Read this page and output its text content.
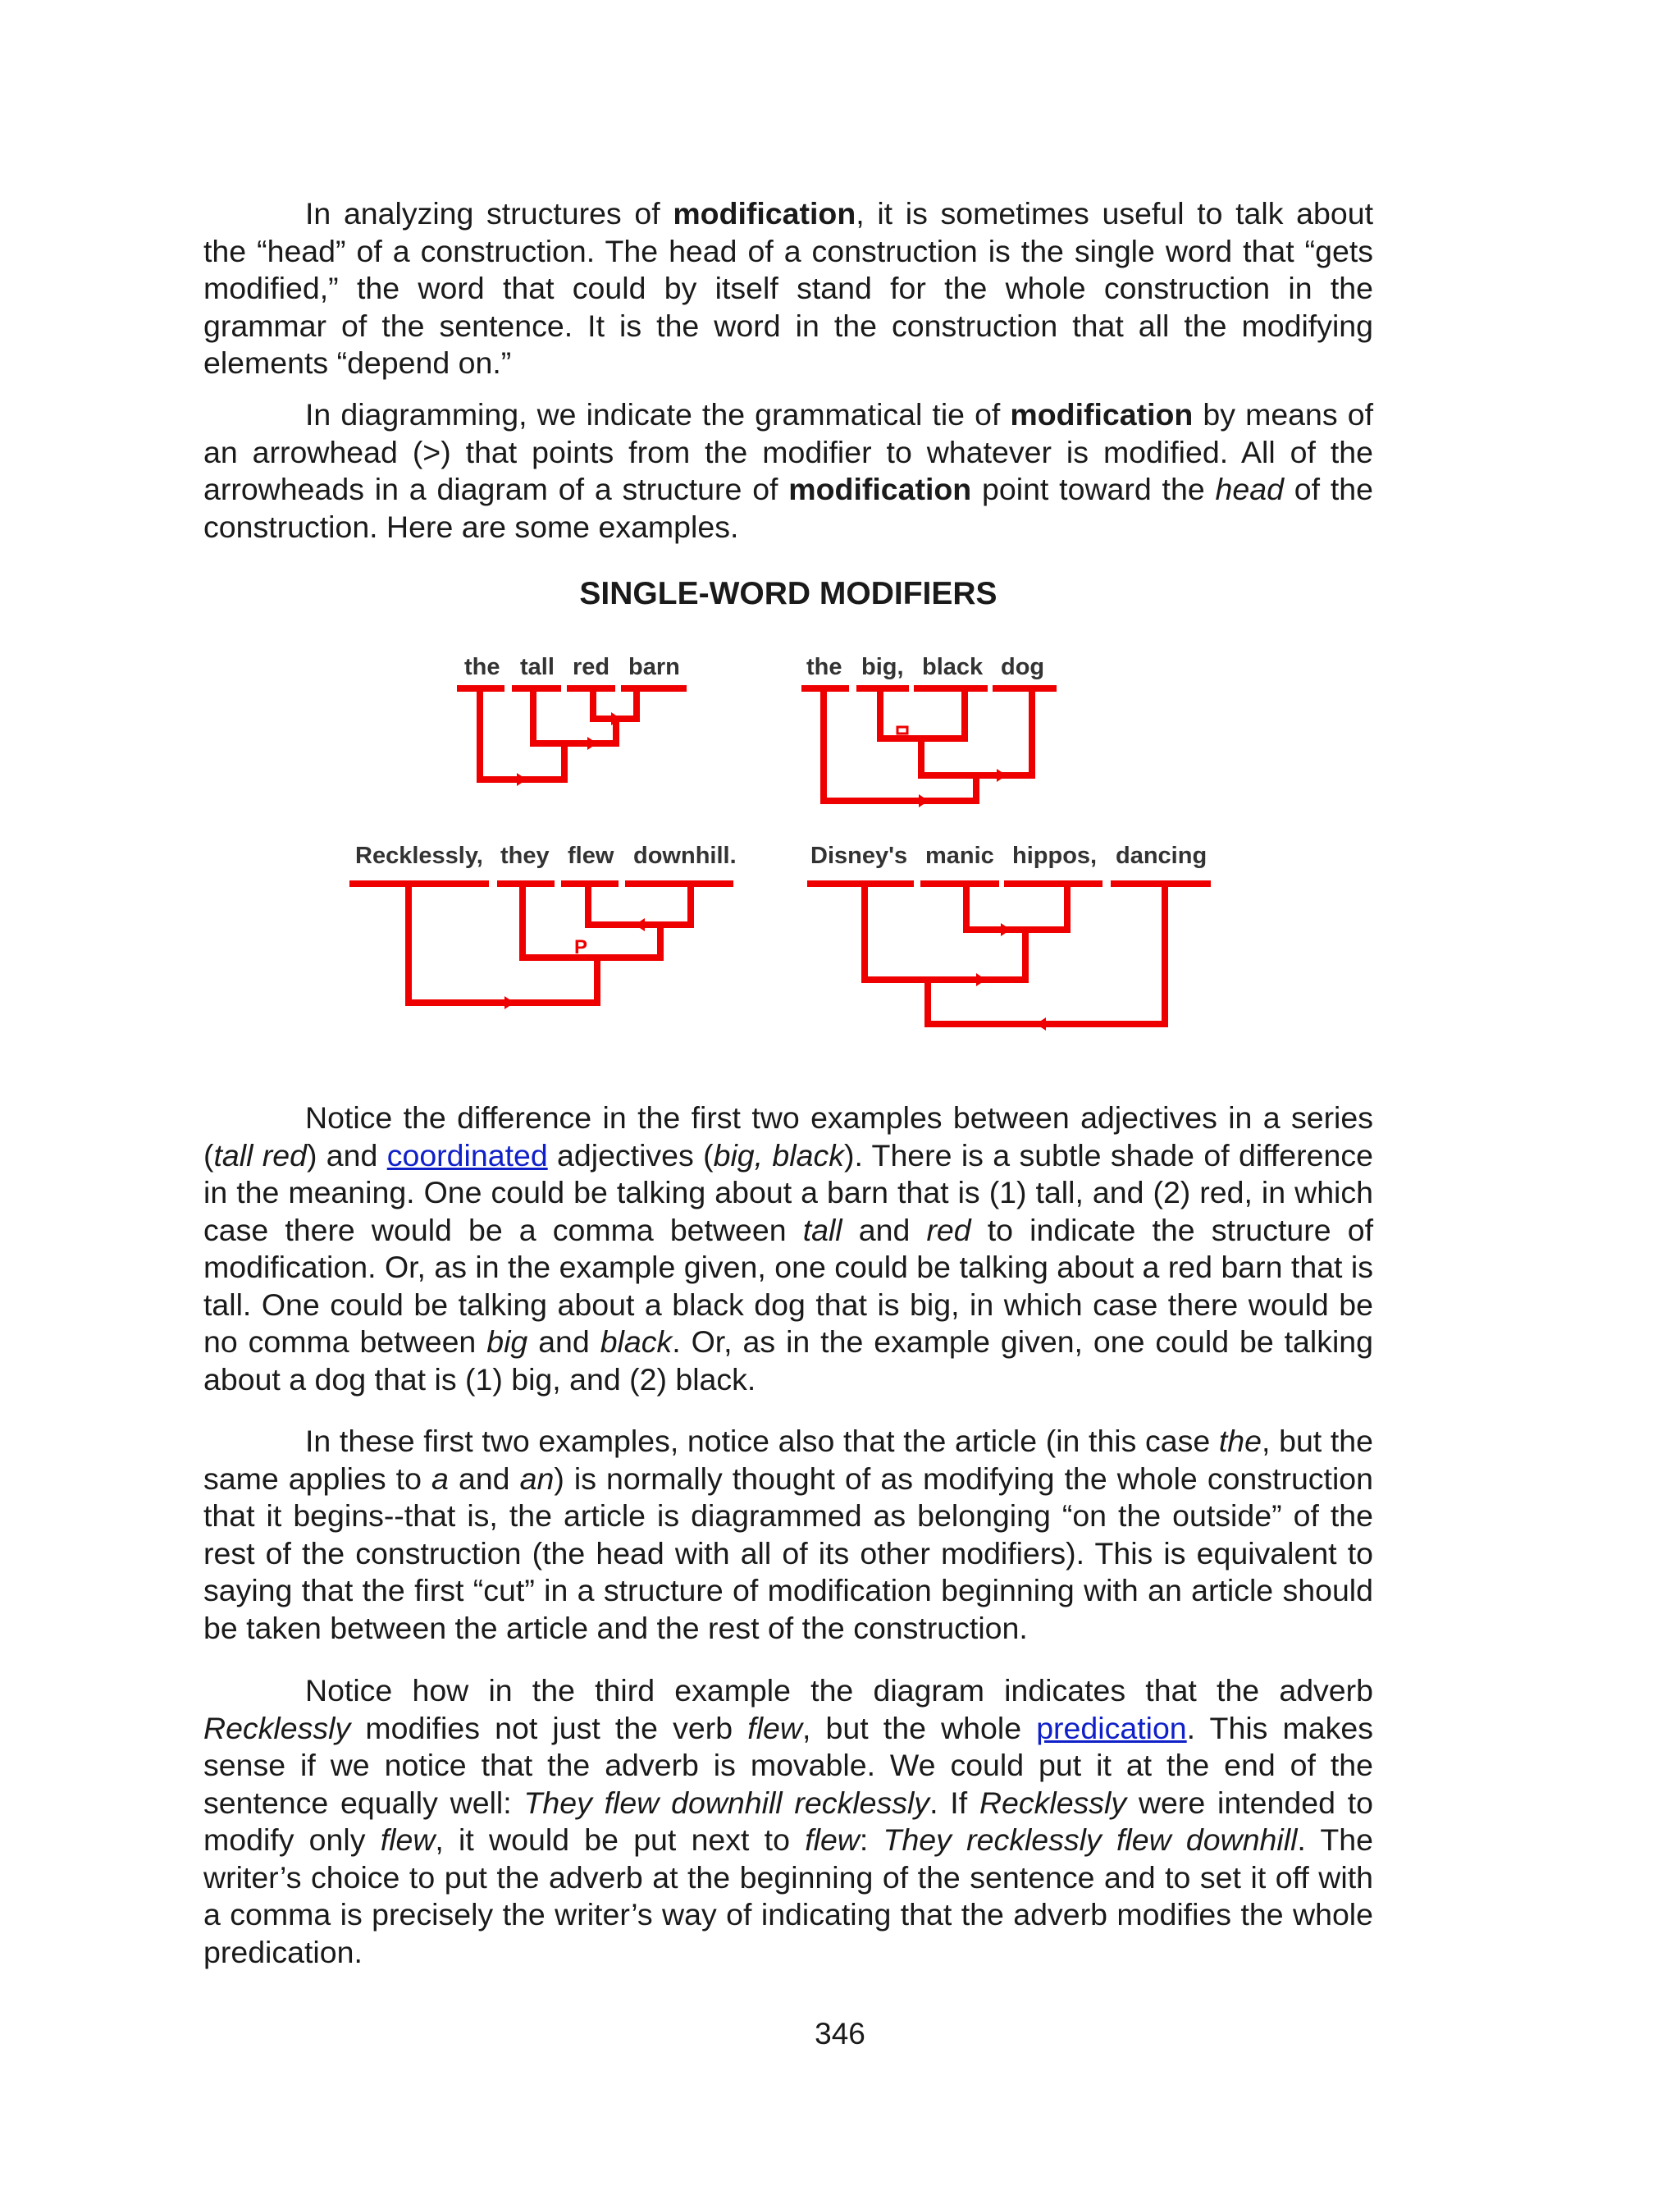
In analyzing structures of modification, it is sometimes useful to talk about the “head” of a construction. The head of a construction is the single word that “gets modified,” the word that could by itself stand for the whole construction in the grammar of the sentence. It is the word in the construction that all the modifying elements “depend on.”

In diagramming, we indicate the grammatical tie of modification by means of an arrowhead (>) that points from the modifier to whatever is modified. All of the arrowheads in a diagram of a structure of modification point toward the head of the construction. Here are some examples.

SINGLE-WORD MODIFIERS

Notice the difference in the first two examples between adjectives in a series (tall red) and coordinated adjectives (big, black). There is a subtle shade of difference in the meaning. One could be talking about a barn that is (1) tall, and (2) red, in which case there would be a comma between tall and red to indicate the structure of modification. Or, as in the example given, one could be talking about a red barn that is tall. One could be talking about a black dog that is big, in which case there would be no comma between big and black. Or, as in the example given, one could be talking about a dog that is (1) big, and (2) black.

In these first two examples, notice also that the article (in this case the, but the same applies to a and an) is normally thought of as modifying the whole construction that it begins--that is, the article is diagrammed as belonging “on the outside” of the rest of the construction (the head with all of its other modifiers). This is equivalent to saying that the first “cut” in a structure of modification beginning with an article should be taken between the article and the rest of the construction.

Notice how in the third example the diagram indicates that the adverb Recklessly modifies not just the verb flew, but the whole predication. This makes sense if we notice that the adverb is movable. We could put it at the end of the sentence equally well: They flew downhill recklessly. If Recklessly were intended to modify only flew, it would be put next to flew: They recklessly flew downhill. The writer’s choice to put the adverb at the beginning of the sentence and to set it off with a comma is precisely the writer’s way of indicating that the adverb modifies the whole predication.

the tall red barn	the big, black dog
Recklessly, they flew downhill.	Disney's manic hippos, dancing
P
346
